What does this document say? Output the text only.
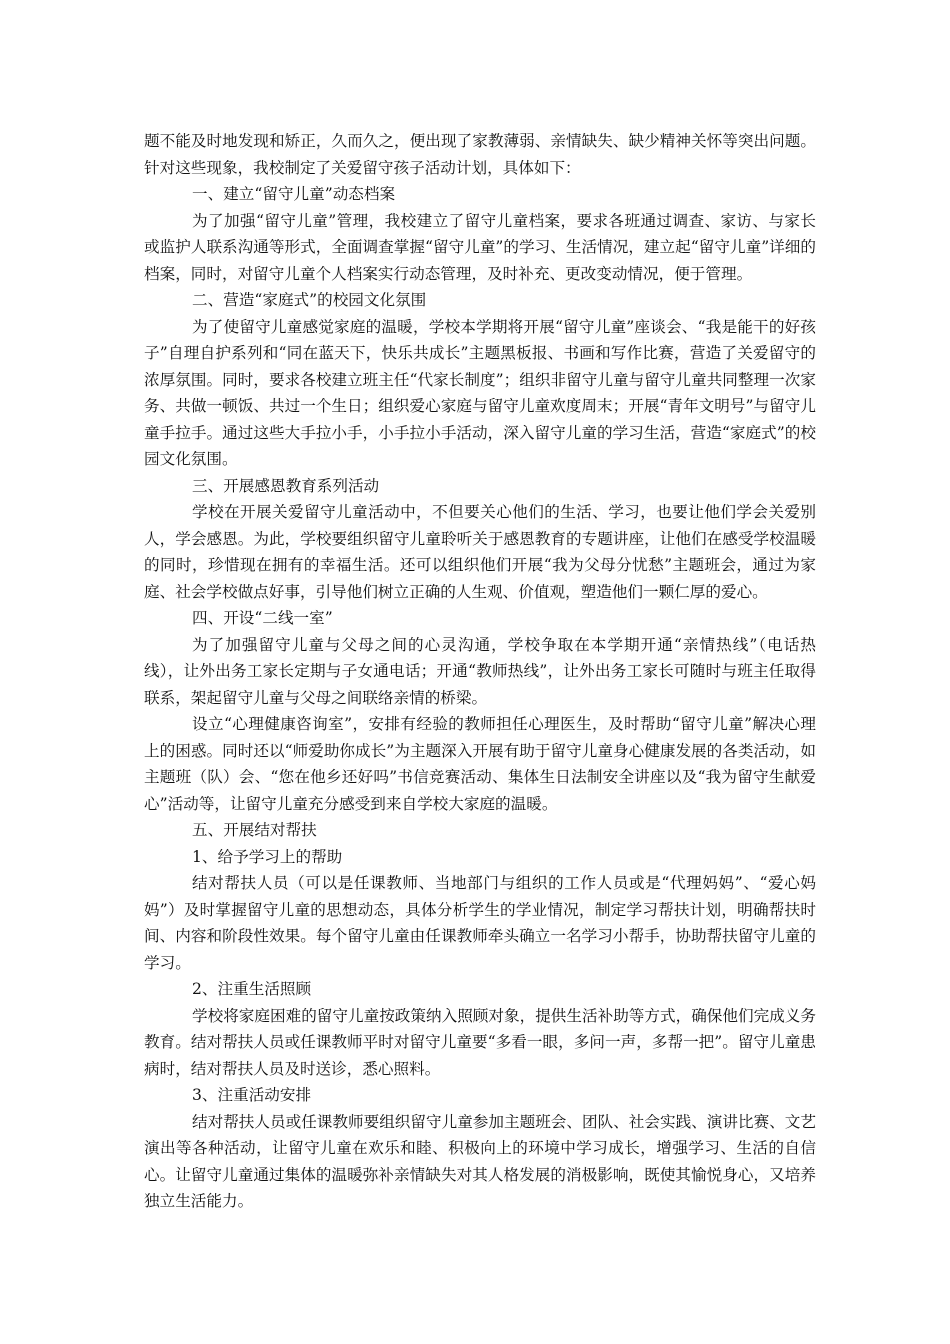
题不能及时地发现和矫正，久而久之，便出现了家教薄弱、亲情缺失、缺少精神关怀等突出问题。针对这些现象，我校制定了关爱留守孩子活动计划，具体如下：

一、建立“留守儿童”动态档案

为了加强“留守儿童”管理，我校建立了留守儿童档案，要求各班通过调查、家访、与家长或监护人联系沟通等形式，全面调查掌握“留守儿童”的学习、生活情况，建立起“留守儿童”详细的档案，同时，对留守儿童个人档案实行动态管理，及时补充、更改变动情况，便于管理。

二、营造“家庭式”的校园文化氛围

为了使留守儿童感觉家庭的温暖，学校本学期将开展“留守儿童”座谈会、“我是能干的好孩子”自理自护系列和“同在蓝天下，快乐共成长”主题黑板报、书画和写作比赛，营造了关爱留守的浓厚氛围。同时，要求各校建立班主任“代家长制度”；组织非留守儿童与留守儿童共同整理一次家务、共做一顿饭、共过一个生日；组织爱心家庭与留守儿童欢度周末；开展“青年文明号”与留守儿童手拉手。通过这些大手拉小手，小手拉小手活动，深入留守儿童的学习生活，营造“家庭式”的校园文化氛围。

三、开展感恩教育系列活动

学校在开展关爱留守儿童活动中，不但要关心他们的生活、学习，也要让他们学会关爱别人，学会感恩。为此，学校要组织留守儿童聆听关于感恩教育的专题讲座，让他们在感受学校温暖的同时，珍惜现在拥有的幸福生活。还可以组织他们开展“我为父母分忧愁”主题班会，通过为家庭、社会学校做点好事，引导他们树立正确的人生观、价值观，塑造他们一颗仁厚的爱心。

四、开设“二线一室”

为了加强留守儿童与父母之间的心灵沟通，学校争取在本学期开通“亲情热线”（电话热线），让外出务工家长定期与子女通电话；开通“教师热线”，让外出务工家长可随时与班主任取得联系，架起留守儿童与父母之间联络亲情的桥梁。

设立“心理健康咨询室”，安排有经验的教师担任心理医生，及时帮助“留守儿童”解决心理上的困惑。同时还以“师爱助你成长”为主题深入开展有助于留守儿童身心健康发展的各类活动，如主题班（队）会、“您在他乡还好吗”书信竞赛活动、集体生日法制安全讲座以及“我为留守生献爱心”活动等，让留守儿童充分感受到来自学校大家庭的温暖。

五、开展结对帮扶

1、给予学习上的帮助

结对帮扶人员（可以是任课教师、当地部门与组织的工作人员或是“代理妈妈”、“爱心妈妈”）及时掌握留守儿童的思想动态，具体分析学生的学业情况，制定学习帮扶计划，明确帮扶时间、内容和阶段性效果。每个留守儿童由任课教师牵头确立一名学习小帮手，协助帮扶留守儿童的学习。

2、注重生活照顾

学校将家庭困难的留守儿童按政策纳入照顾对象，提供生活补助等方式，确保他们完成义务教育。结对帮扶人员或任课教师平时对留守儿童要“多看一眼，多问一声，多帮一把”。留守儿童患病时，结对帮扶人员及时送诊，悉心照料。

3、注重活动安排

结对帮扶人员或任课教师要组织留守儿童参加主题班会、团队、社会实践、演讲比赛、文艺演出等各种活动，让留守儿童在欢乐和睦、积极向上的环境中学习成长，增强学习、生活的自信心。让留守儿童通过集体的温暖弥补亲情缺失对其人格发展的消极影响，既使其愉悦身心，又培养独立生活能力。
